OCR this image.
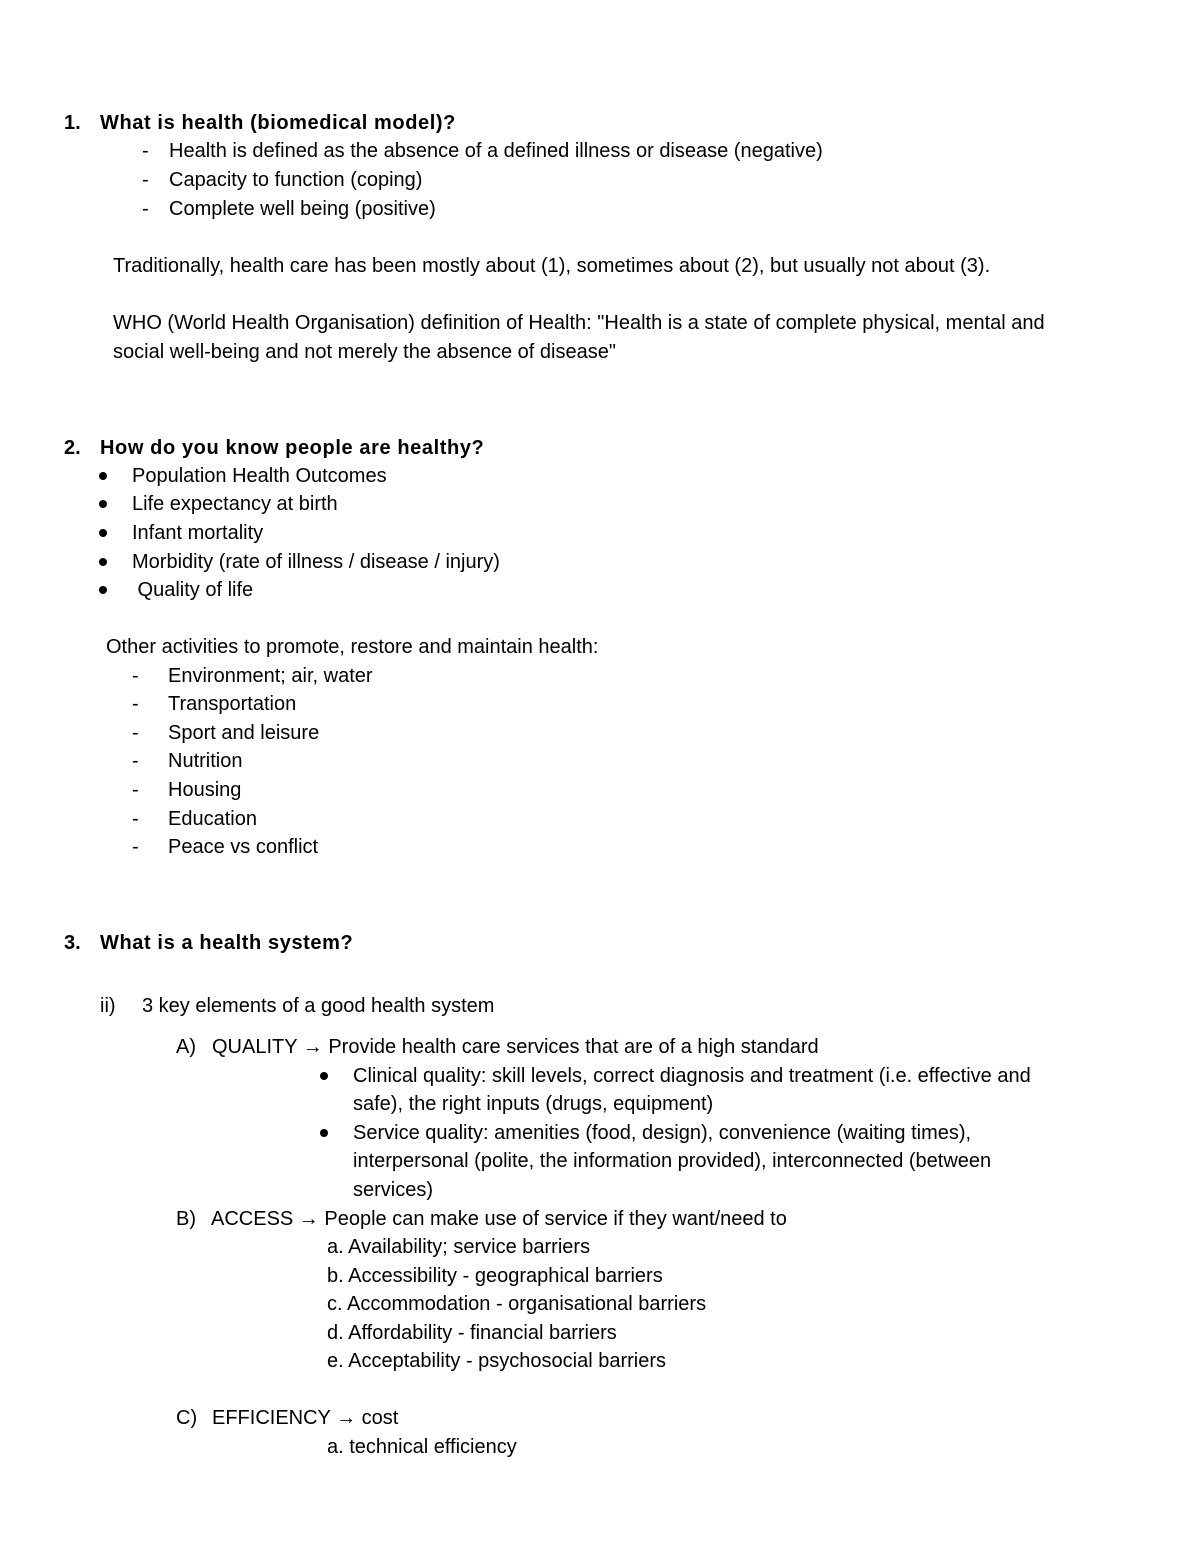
1. What is health (biomedical model)?
- Health is defined as the absence of a defined illness or disease (negative)
- Capacity to function (coping)
- Complete well being (positive)
Traditionally, health care has been mostly about (1), sometimes about (2), but usually not about (3).
WHO (World Health Organisation) definition of Health: "Health is a state of complete physical, mental and
social well-being and not merely the absence of disease"
2. How do you know people are healthy?
Population Health Outcomes
Life expectancy at birth
Infant mortality
Morbidity (rate of illness / disease / injury)
Quality of life
Other activities to promote, restore and maintain health:
- Environment; air, water
- Transportation
- Sport and leisure
- Nutrition
- Housing
- Education
- Peace vs conflict
3. What is a health system?
ii) 3 key elements of a good health system
A) QUALITY → Provide health care services that are of a high standard
Clinical quality: skill levels, correct diagnosis and treatment (i.e. effective and
safe), the right inputs (drugs, equipment)
Service quality: amenities (food, design), convenience (waiting times),
interpersonal (polite, the information provided), interconnected (between
services)
B) ACCESS → People can make use of service if they want/need to
a. Availability; service barriers
b. Accessibility - geographical barriers
c. Accommodation - organisational barriers
d. Affordability - financial barriers
e. Acceptability - psychosocial barriers
C) EFFICIENCY → cost
a. technical efficiency
